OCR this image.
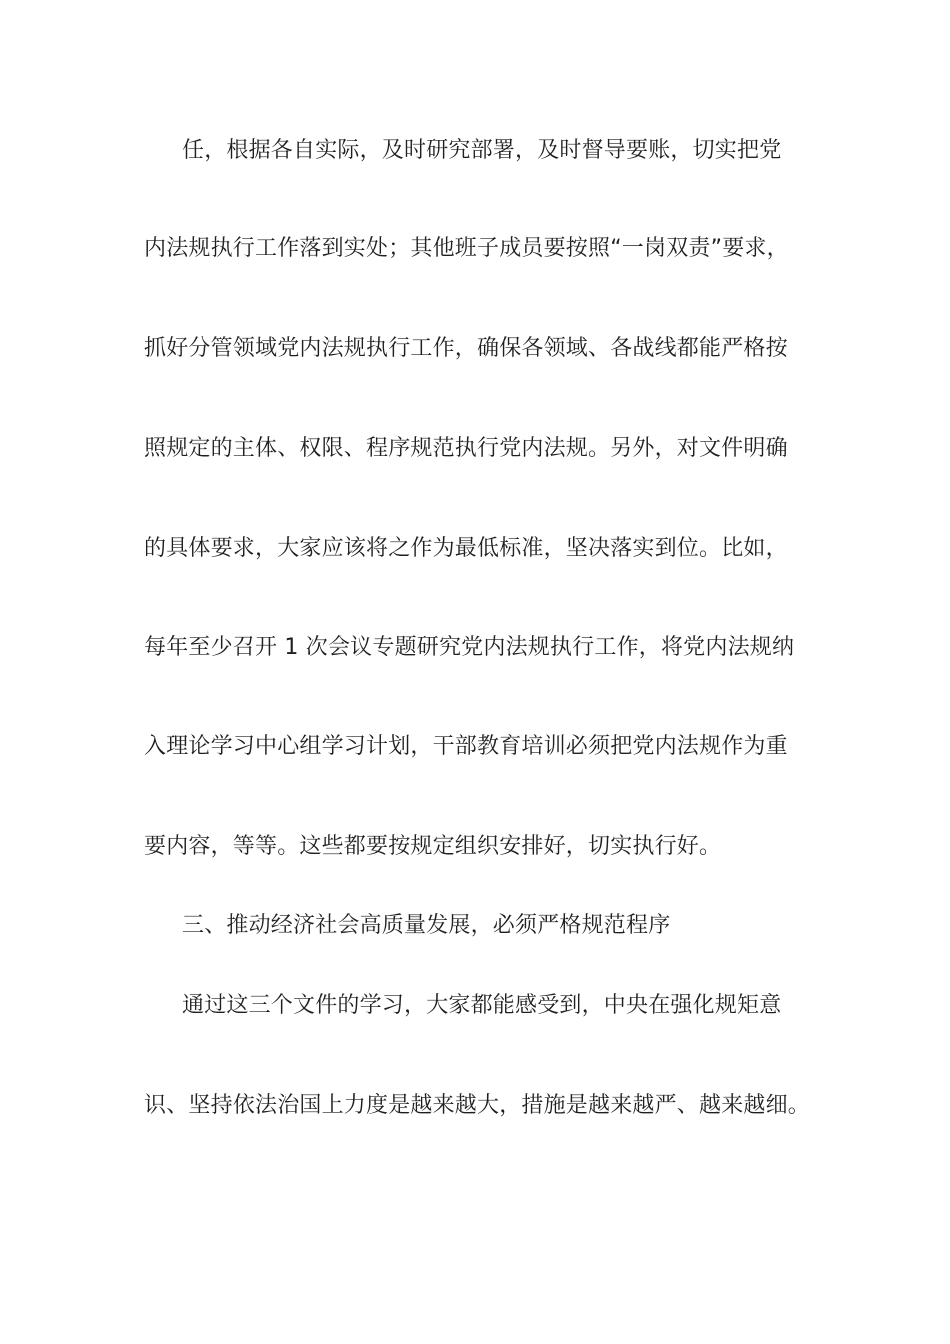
任，根据各自实际，及时研究部署，及时督导要账，切实把党
内法规执行工作落到实处；其他班子成员要按照“一岗双责”要求，
抓好分管领域党内法规执行工作，确保各领域、各战线都能严格按
照规定的主体、权限、程序规范执行党内法规。另外，对文件明确
的具体要求，大家应该将之作为最低标准，坚决落实到位。比如，
每年至少召开 1 次会议专题研究党内法规执行工作，将党内法规纳
入理论学习中心组学习计划，干部教育培训必须把党内法规作为重
要内容，等等。这些都要按规定组织安排好，切实执行好。
三、推动经济社会高质量发展，必须严格规范程序
通过这三个文件的学习，大家都能感受到，中央在强化规矩意
识、坚持依法治国上力度是越来越大，措施是越来越严、越来越细。
